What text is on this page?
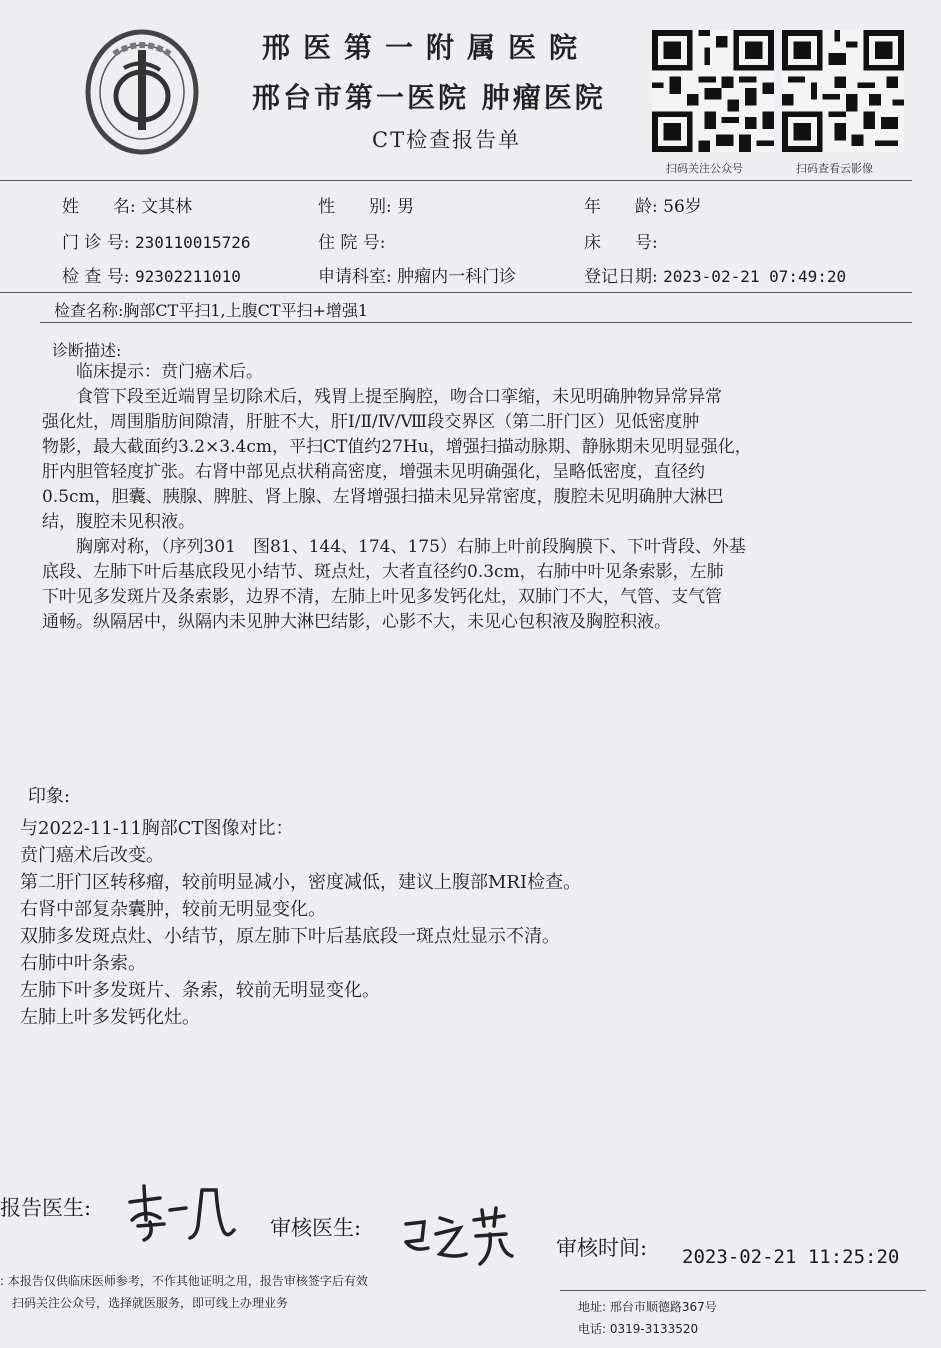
邢医第一附属医院
邢台市第一医院 肿瘤医院
CT检查报告单
扫码关注公众号	扫码查看云影像
姓　　名: 文其林	性　　别: 男	年　　龄: 56岁
门 诊 号: 230110015726	住 院 号:	床　　号:
检 查 号: 92302211010	申请科室: 肿瘤内一科门诊	登记日期: 2023-02-21 07:49:20
检查名称:胸部CT平扫1,上腹CT平扫+增强1
诊断描述:
　　临床提示：贲门癌术后。
　　食管下段至近端胃呈切除术后，残胃上提至胸腔，吻合口挛缩，未见明确肿物异常异常
强化灶，周围脂肪间隙清，肝脏不大，肝Ⅰ/Ⅱ/Ⅳ/Ⅷ段交界区（第二肝门区）见低密度肿
物影，最大截面约3.2×3.4cm，平扫CT值约27Hu，增强扫描动脉期、静脉期未见明显强化，
肝内胆管轻度扩张。右肾中部见点状稍高密度，增强未见明确强化，呈略低密度，直径约
0.5cm，胆囊、胰腺、脾脏、肾上腺、左肾增强扫描未见异常密度，腹腔未见明确肿大淋巴
结，腹腔未见积液。
　　胸廓对称，（序列301　图81、144、174、175）右肺上叶前段胸膜下、下叶背段、外基
底段、左肺下叶后基底段见小结节、斑点灶，大者直径约0.3cm，右肺中叶见条索影，左肺
下叶见多发斑片及条索影，边界不清，左肺上叶见多发钙化灶，双肺门不大，气管、支气管
通畅。纵隔居中，纵隔内未见肿大淋巴结影，心影不大，未见心包积液及胸腔积液。
印象:
与2022-11-11胸部CT图像对比：
贲门癌术后改变。
第二肝门区转移瘤，较前明显减小，密度减低，建议上腹部MRI检查。
右肾中部复杂囊肿，较前无明显变化。
双肺多发斑点灶、小结节，原左肺下叶后基底段一斑点灶显示不清。
右肺中叶条索。
左肺下叶多发斑片、条索，较前无明显变化。
左肺上叶多发钙化灶。
报告医生:
审核医生:
审核时间: 2023-02-21 11:25:20
: 本报告仅供临床医师参考，不作其他证明之用，报告审核签字后有效
扫码关注公众号，选择就医服务，即可线上办理业务	地址: 邢台市顺德路367号
电话: 0319-3133520
